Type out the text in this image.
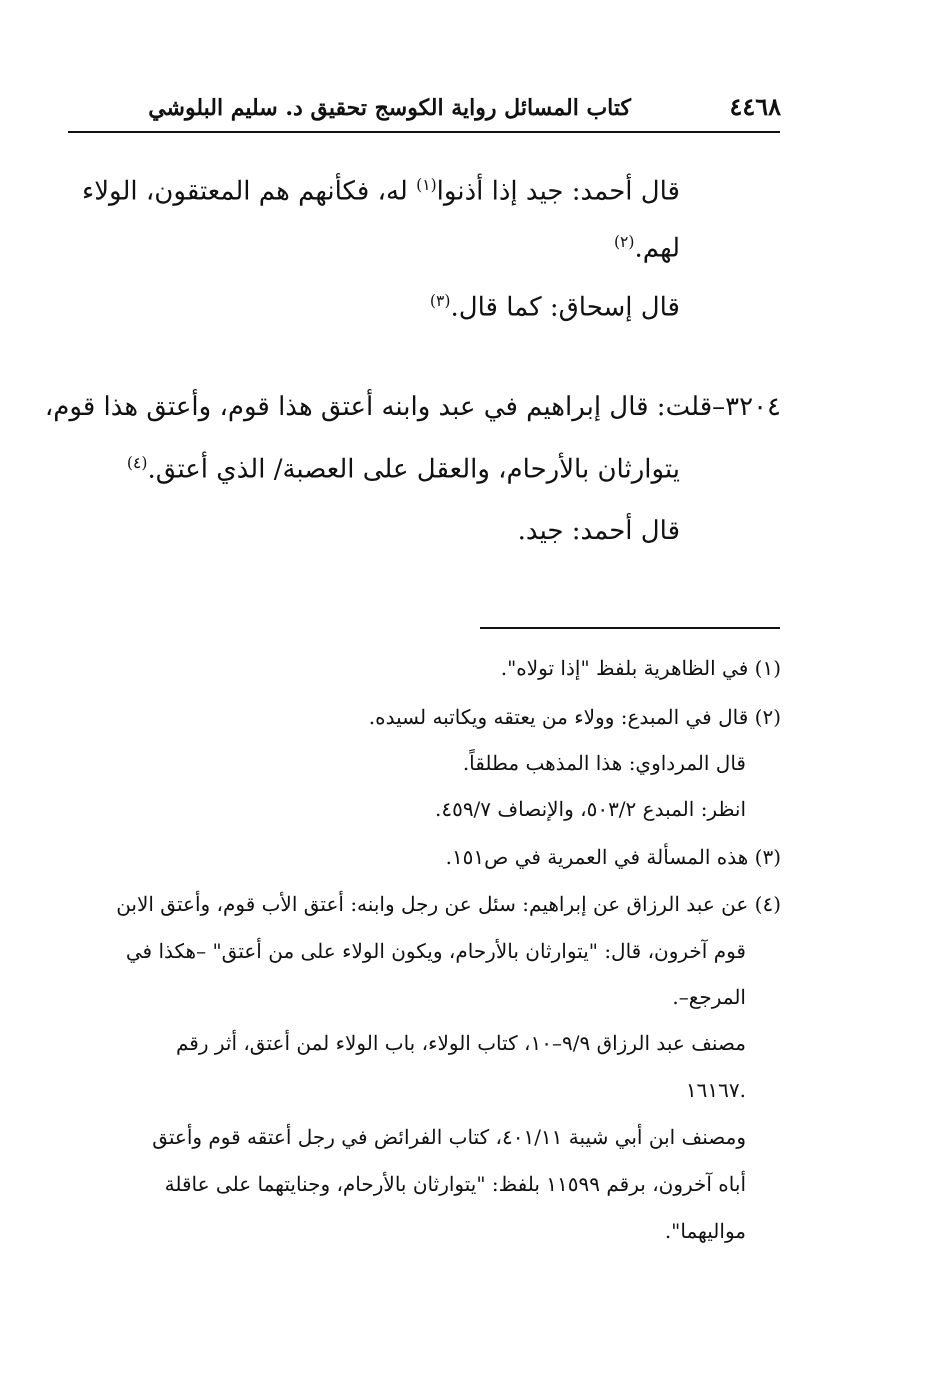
٤٤٦٨
كتاب المسائل رواية الكوسج تحقيق د. سليم البلوشي
قال أحمد: جيد إذا أذنوا$^{(١)}$ له، فكأنهم هم المعتقون، الولاء
لهم.$^{(٢)}$
قال إسحاق: كما قال.$^{(٣)}$
٣٢٠٤–قلت: قال إبراهيم في عبد وابنه أعتق هذا قوم، وأعتق هذا قوم،
يتوارثان بالأرحام، والعقل على العصبة/ الذي أعتق.$^{(٤)}$
قال أحمد: جيد.
(١) في الظاهرية بلفظ "إذا تولاه".
(٢) قال في المبدع: وولاء من يعتقه ويكاتبه لسيده.
قال المرداوي: هذا المذهب مطلقاً.
انظر: المبدع ٥٠٣/٢، والإنصاف ٤٥٩/٧.
(٣) هذه المسألة في العمرية في ص١٥١.
(٤) عن عبد الرزاق عن إبراهيم: سئل عن رجل وابنه: أعتق الأب قوم، وأعتق الابن
قوم آخرون، قال: "يتوارثان بالأرحام، ويكون الولاء على من أعتق" –هكذا في
المرجع–.
مصنف عبد الرزاق ٩/٩–١٠، كتاب الولاء، باب الولاء لمن أعتق، أثر رقم
١٦١٦٧.
ومصنف ابن أبي شيبة ٤٠١/١١، كتاب الفرائض في رجل أعتقه قوم وأعتق
أباه آخرون، برقم ١١٥٩٩ بلفظ: "يتوارثان بالأرحام، وجنايتهما على عاقلة
مواليهما".
